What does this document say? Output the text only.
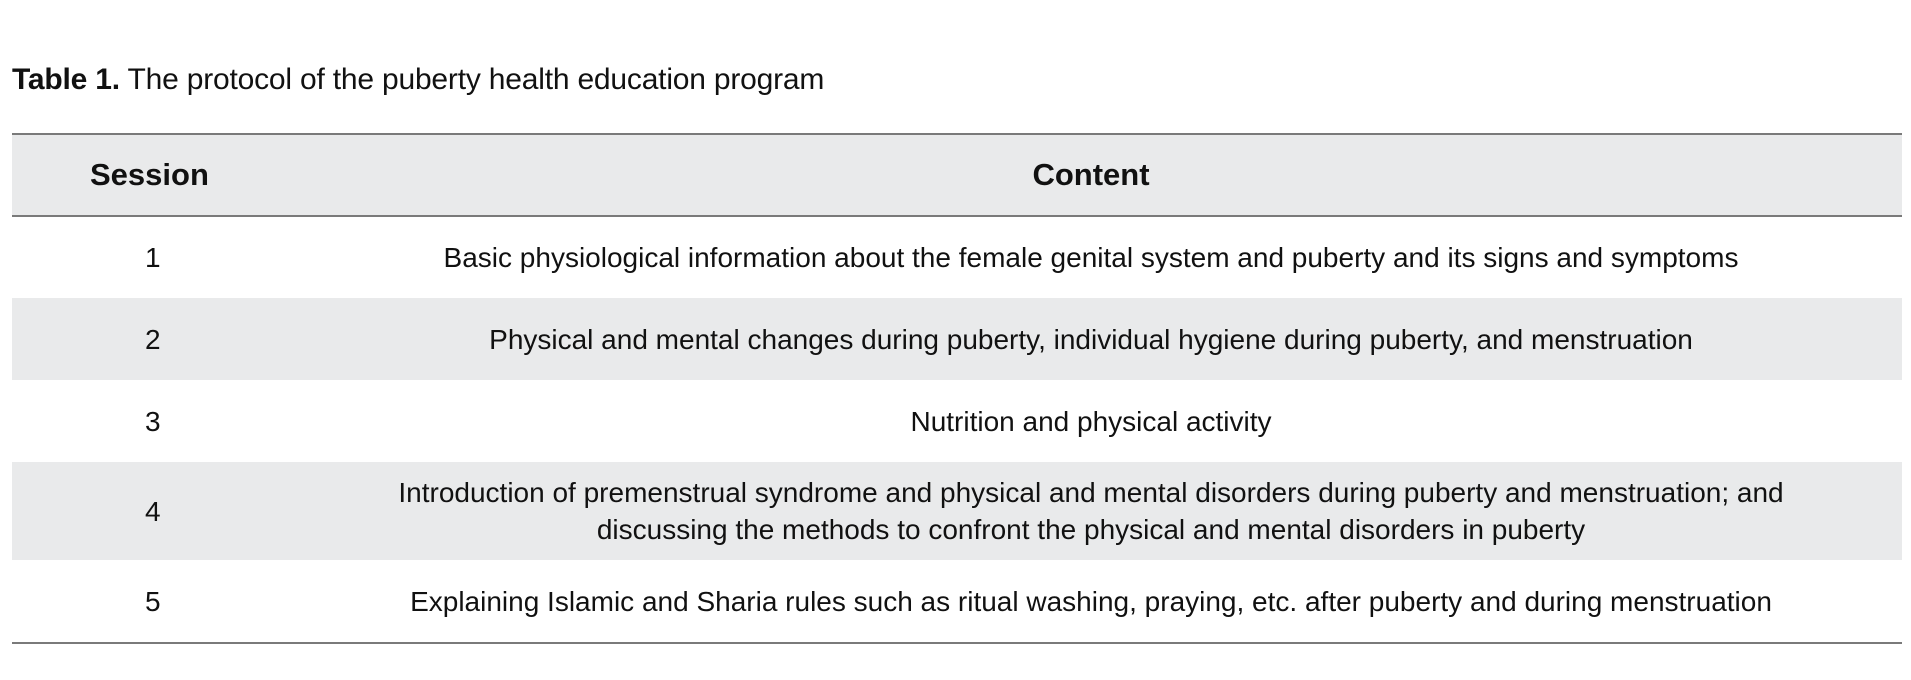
Table 1. The protocol of the puberty health education program
Session	Content
1	Basic physiological information about the female genital system and puberty and its signs and symptoms
2	Physical and mental changes during puberty, individual hygiene during puberty, and menstruation
3	Nutrition and physical activity
4	Introduction of premenstrual syndrome and physical and mental disorders during puberty and menstruation; and
discussing the methods to confront the physical and mental disorders in puberty

5	Explaining Islamic and Sharia rules such as ritual washing, praying, etc. after puberty and during menstruation
